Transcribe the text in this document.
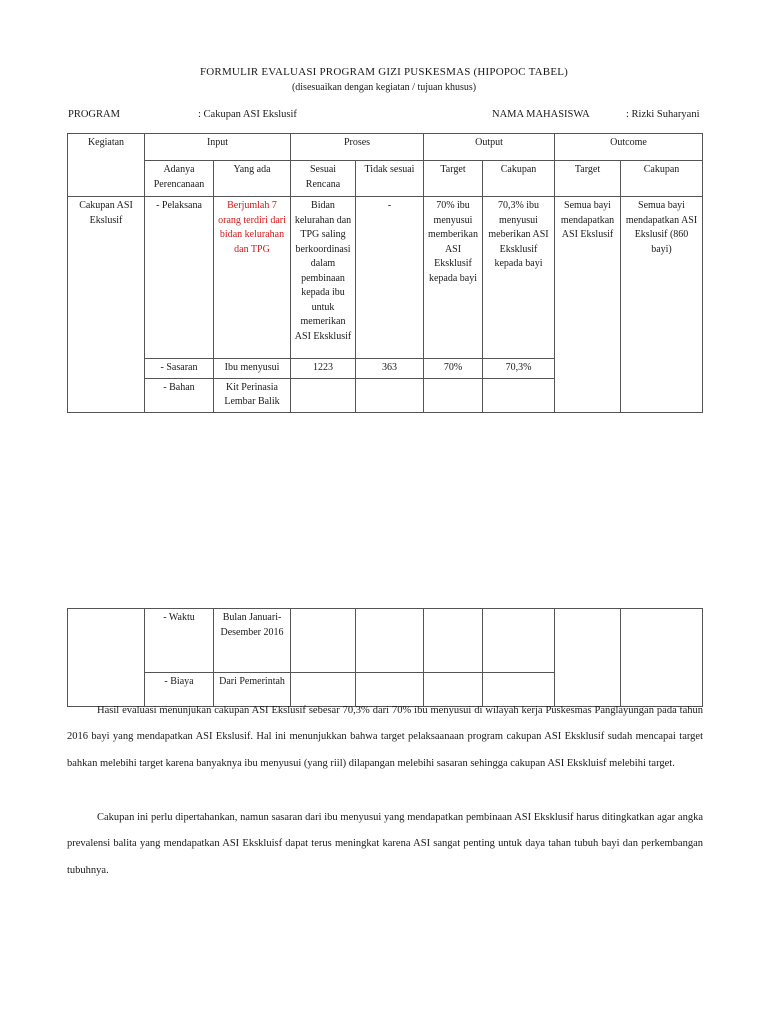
FORMULIR EVALUASI PROGRAM GIZI PUSKESMAS (HIPOPOC TABEL)
(disesuaikan dengan kegiatan / tujuan khusus)
PROGRAM	: Cakupan ASI Ekslusif	NAMA MAHASISWA	: Rizki Suharyani
Kegiatan	Input		Proses		Output		Outcome	
	Adanya Perencanaan	Yang ada	Sesuai Rencana	Tidak sesuai	Target	Cakupan	Target	Cakupan
Cakupan ASI Ekslusif	- Pelaksana	Berjumlah 7 orang terdiri dari bidan kelurahan dan TPG	Bidan kelurahan dan TPG saling berkoordinasi dalam pembinaan kepada ibu untuk memerikan ASI Eksklusif	-	70% ibu menyusui memberikan ASI Eksklusif kepada bayi	70,3% ibu menyusui meberikan ASI Eksklusif kepada bayi	Semua bayi mendapatkan ASI Ekslusif	Semua bayi mendapatkan ASI Ekslusif (860 bayi)
	- Sasaran	Ibu menyusui	1223	363	70%	70,3%		
	- Bahan	Kit Perinasia Lembar Balik						
	- Waktu	Bulan Januari-Desember 2016						
	- Biaya	Dari Pemerintah						

Hasil evaluasi menunjukan cakupan ASI Ekslusif sebesar 70,3% dari 70% ibu menyusui di wilayah kerja Puskesmas Panglayungan pada tahun 2016 bayi yang mendapatkan ASI Ekslusif. Hal ini menunjukkan bahwa target pelaksaanaan program cakupan ASI Eksklusif sudah mencapai target bahkan melebihi target karena banyaknya ibu menyusui (yang riil) dilapangan melebihi sasaran sehingga cakupan ASI Ekskluisf melebihi target.

Cakupan ini perlu dipertahankan, namun sasaran dari ibu menyusui yang mendapatkan pembinaan ASI Eksklusif harus ditingkatkan agar angka prevalensi balita yang mendapatkan ASI Ekskluisf dapat terus meningkat karena ASI sangat penting untuk daya tahan tubuh bayi dan perkembangan tubuhnya.
